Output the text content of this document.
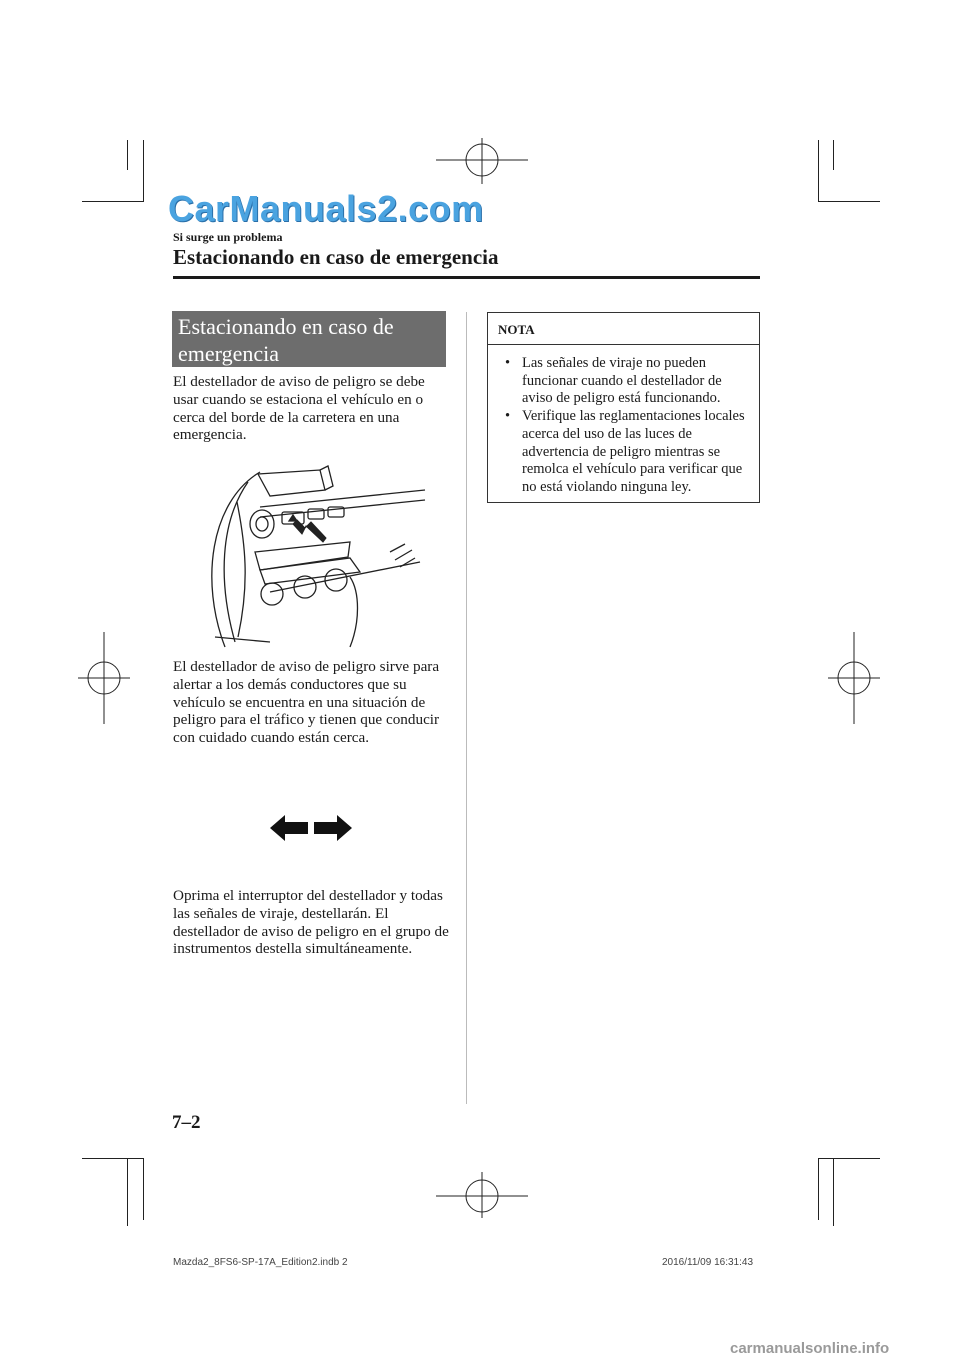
CarManuals2.com
Si surge un problema
Estacionando en caso de emergencia
Estacionando en caso de emergencia
El destellador de aviso de peligro se debe usar cuando se estaciona el vehículo en o cerca del borde de la carretera en una emergencia.
El destellador de aviso de peligro sirve para alertar a los demás conductores que su vehículo se encuentra en una situación de peligro para el tráfico y tienen que conducir con cuidado cuando están cerca.
Oprima el interruptor del destellador y todas las señales de viraje, destellarán. El destellador de aviso de peligro en el grupo de instrumentos destella simultáneamente.
NOTA
• Las señales de viraje no pueden funcionar cuando el destellador de aviso de peligro está funcionando.
• Verifique las reglamentaciones locales acerca del uso de las luces de advertencia de peligro mientras se remolca el vehículo para verificar que no está violando ninguna ley.
7–2
Mazda2_8FS6-SP-17A_Edition2.indb 2	2016/11/09 16:31:43
carmanualsonline.info
